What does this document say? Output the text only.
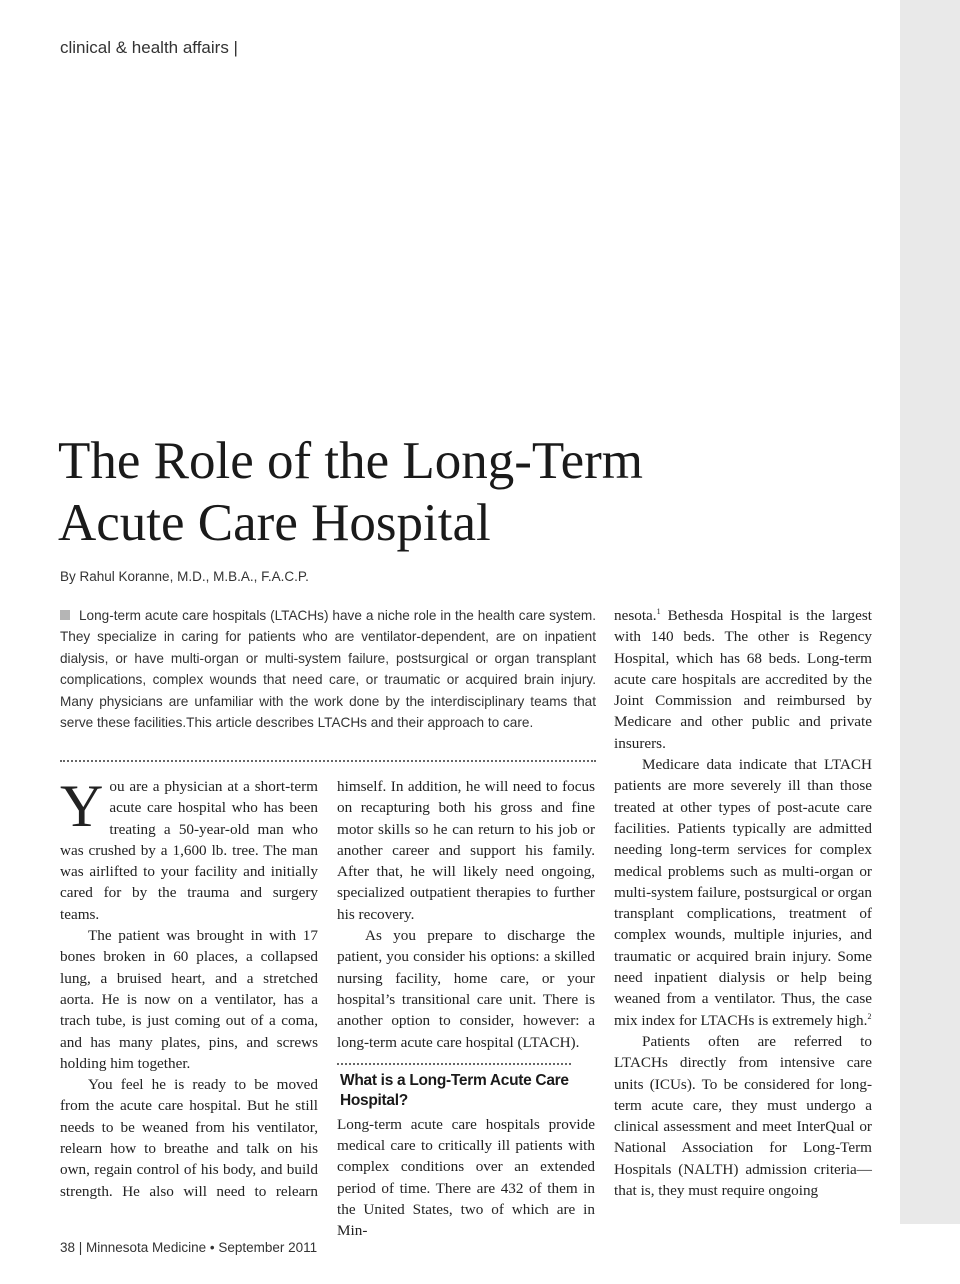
clinical & health affairs |
The Role of the Long-Term
Acute Care Hospital
By Rahul Koranne, M.D., M.B.A., F.A.C.P.

Long-term acute care hospitals (LTACHs) have a niche role in the health care system. They specialize in caring for patients who are ventilator-dependent, are on inpatient dialysis, or have multi-organ or multi-system failure, postsurgical or organ transplant complications, complex wounds that need care, or traumatic or acquired brain injury. Many physicians are unfamiliar with the work done by the interdisciplinary teams that serve these facilities.This article describes LTACHs and their approach to care.

You are a physician at a short-term acute care hospital who has been treating a 50-year-old man who was crushed by a 1,600 lb. tree. The man was airlifted to your facility and initially cared for by the trauma and surgery teams.

The patient was brought in with 17 bones broken in 60 places, a collapsed lung, a bruised heart, and a stretched aorta. He is now on a ventilator, has a trach tube, is just coming out of a coma, and has many plates, pins, and screws holding him together.

You feel he is ready to be moved from the acute care hospital. But he still needs to be weaned from his ventilator, relearn how to breathe and talk on his own, regain control of his body, and build strength. He also will need to relearn

himself. In addition, he will need to focus on recapturing both his gross and fine motor skills so he can return to his job or another career and support his family. After that, he will likely need ongoing, specialized outpatient therapies to further his recovery.

As you prepare to discharge the patient, you consider his options: a skilled nursing facility, home care, or your hospital’s transitional care unit. There is another option to consider, however: a long-term acute care hospital (LTACH).

What is a Long-Term Acute Care Hospital?

Long-term acute care hospitals provide medical care to critically ill patients with complex conditions over an extended period of time. There are 432 of them in the United States, two of which are in Min-

nesota.$^1$ Bethesda Hospital is the largest with 140 beds. The other is Regency Hospital, which has 68 beds. Long-term acute care hospitals are accredited by the Joint Commission and reimbursed by Medicare and other public and private insurers.

Medicare data indicate that LTACH patients are more severely ill than those treated at other types of post-acute care facilities. Patients typically are admitted needing long-term services for complex medical problems such as multi-organ or multi-system failure, postsurgical or organ transplant complications, treatment of complex wounds, multiple injuries, and traumatic or acquired brain injury. Some need inpatient dialysis or help being weaned from a ventilator. Thus, the case mix index for LTACHs is extremely high.$^2$

Patients often are referred to LTACHs directly from intensive care units (ICUs). To be considered for long-term acute care, they must undergo a clinical assessment and meet InterQual or National Association for Long-Term Hospitals (NALTH) admission criteria—that is, they must require ongoing

38 | Minnesota Medicine • September 2011
